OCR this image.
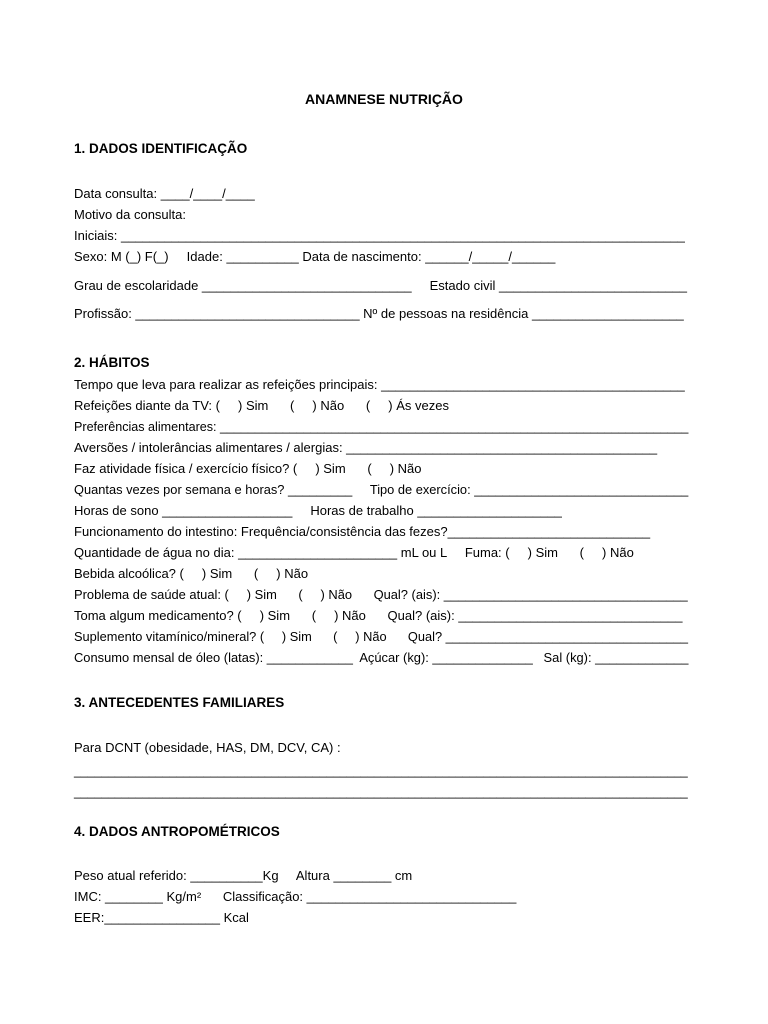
ANAMNESE NUTRIÇÃO
1. DADOS IDENTIFICAÇÃO
Data consulta: ____/____/____
Motivo da consulta:
Iniciais: ______________________________________________________________________________
Sexo: M (_) F(_)     Idade: __________ Data de nascimento: ______/_____/______
Grau de escolaridade _____________________________     Estado civil __________________________
Profissão: _______________________________ Nº de pessoas na residência _____________________
2. HÁBITOS
Tempo que leva para realizar as refeições principais: __________________________________________
Refeições diante da TV: (     ) Sim      (     ) Não      (     ) Ás vezes
Preferências alimentares: ___________________________________________________________________
Aversões / intolerâncias alimentares / alergias: ___________________________________________
Faz atividade física / exercício físico? (     ) Sim      (     ) Não
Quantas vezes por semana e horas? _________     Tipo de exercício: ______________________________
Horas de sono __________________     Horas de trabalho ____________________
Funcionamento do intestino: Frequência/consistência das fezes?____________________________
Quantidade de água no dia: ______________________ mL ou L     Fuma: (     ) Sim      (     ) Não
Bebida alcoólica? (     ) Sim      (     ) Não
Problema de saúde atual: (     ) Sim      (     ) Não      Qual? (ais): __________________________________
Toma algum medicamento? (     ) Sim      (     ) Não      Qual? (ais): _______________________________
Suplemento vitamínico/mineral? (     ) Sim      (     ) Não      Qual? __________________________________
Consumo mensal de óleo (latas): ____________  Açúcar (kg): ______________   Sal (kg): _____________
3. ANTECEDENTES FAMILIARES
Para DCNT (obesidade, HAS, DM, DCV, CA) :
__________________________________________________________________________________________
__________________________________________________________________________________________
4. DADOS ANTROPOMÉTRICOS
Peso atual referido: __________Kg     Altura ________ cm
IMC: ________ Kg/m²      Classificação: _____________________________
EER:________________ Kcal
